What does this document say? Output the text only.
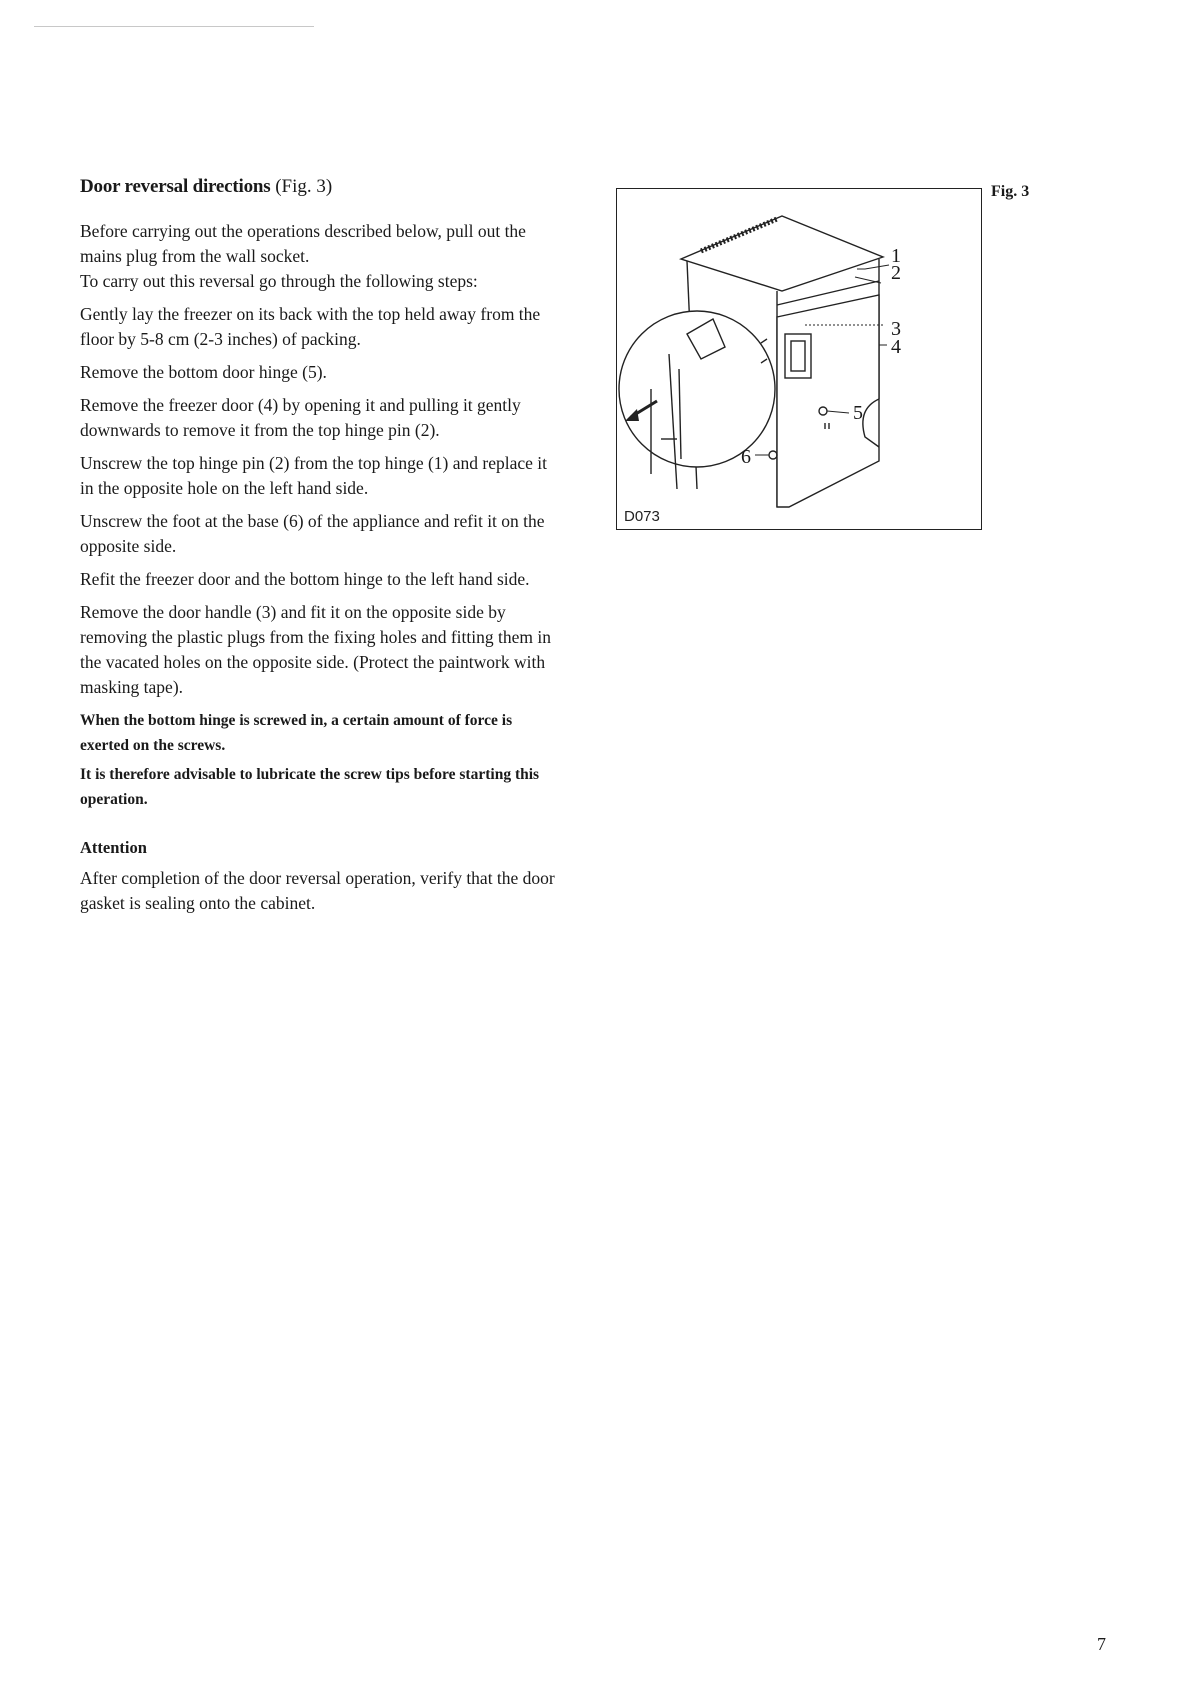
Door reversal directions (Fig. 3)

Before carrying out the operations described below, pull out the mains plug from the wall socket.

To carry out this reversal go through the following steps:

Gently lay the freezer on its back with the top held away from the floor by 5-8 cm (2-3 inches) of packing.

Remove the bottom door hinge (5).

Remove the freezer door (4) by opening it and pulling it gently downwards to remove it from the top hinge pin (2).

Unscrew the top hinge pin (2) from the top hinge (1) and replace it in the opposite hole on the left hand side.

Unscrew the foot at the base (6) of the appliance and refit it on the opposite side.

Refit the freezer door and the bottom hinge to the left hand side.

Remove the door handle (3) and fit it on the opposite side by removing the plastic plugs from the fixing holes and fitting them in the vacated holes on the opposite side. (Protect the paintwork with masking tape).

When the bottom hinge is screwed in, a certain amount of force is exerted on the screws.

It is therefore advisable to lubricate the screw tips before starting this operation.

Attention

After completion of the door reversal operation, verify that the door gasket is sealing onto the cabinet.

1
2
3
4
5
6
D073
Fig. 3
7
